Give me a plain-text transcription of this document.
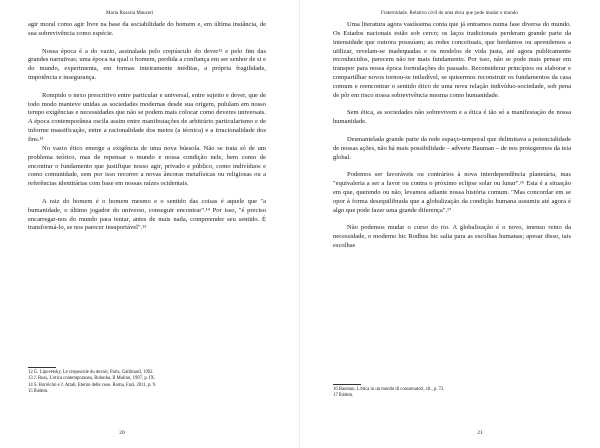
Maria Rosaria Mauceri

agir moral como agir livre na base da sociabilidade do homem e, em última instância, de sua sobrevivência como espécie.

Nossa época é a do vazio, assinalada pelo crepúsculo do dever¹² e pelo fim das grandes narrativas; uma época na qual o homem, perdida a confiança em ser senhor de si e do mundo, experimenta, em formas inteiramente inéditas, a própria fragilidade, impotência e insegurança.

Rompido o nexo prescritivo entre particular e universal, entre sujeito e dever, que de todo modo manteve unidas as sociedades modernas desde sua origem, pululam em nosso tempo exigências e necessidades que não se podem mais colocar como deveres universais. A época contemporânea oscila assim entre manifestações de arbitrário particularismo e de informe massificação, entre a racionalidade dos meios (a técnica) e a irracionalidade dos fins.¹³

No vazio ético emerge a exigência de uma nova bússola. Não se trata só de um problema teórico, mas de repensar o mundo e nossa condição nele, bem como de encontrar o fundamento que justifique nosso agir, privado e público, como indivíduos e como comunidade, sem por isso recorrer a novas âncoras metafísicas ou religiosas ou a referências identitárias com base em nossas raízes ocidentais.

A raiz do homem é o homem mesmo e o sentido das coisas é aquele que "a humanidade, o último jogador do universo, conseguir encontrar".¹⁴ Por isso, "é preciso encarregar-nos do mundo para tentar, antes de mais nada, compreender seu sentido. É transformá-lo, se nos parecer insuportável".¹⁵

12 G. Lipovetsky, Le crepuscule du devoir, Paris, Gallimard, 1992.
13 J. Russ, L'etica contemporanea, Bolonha, Il Mulino, 1997, p. IX.
14 S. Borrêcini e J. Attali, Eterno delle cose, Roma, Fazi, 2011, p. 9.
15 Ibidem.
20
Fraternidade. Relativo civil de uma ética que pode mudar o mundo

Uma literatura agora vastíssima conta que já entramos numa fase diversa do mundo. Os Estados nacionais estão sob cerco; os laços tradicionais perderam grande parte da intensidade que outrora possuíam; as redes conceituais, que herdamos ou aprendemos a utilizar, revelam-se inadequadas e os modelos de vida justa, até agora publicamente reconhecidos, parecem não ter mais fundamento. Por isso, não se pode mais pensar em transpor para nossa época formulações do passado. Reconsiderar princípios ou elaborar e compartilhar novos tornou-se iniludível, se quisermos reconstruir os fundamentos da casa comum e reencontrar o sentido ético de uma nova relação indivíduo-sociedade, sob pena de pôr em risco nossa sobrevivência mesma como humanidade.

Sem ética, as sociedades não sobrevivem e a ética é tão só a manifestação de nossa humanidade.

Desmantelada grande parte da rede espaço-temporal que delimitava a potencialidade de nossas ações, não há mais possibilidade – adverte Bauman – de nos protegermos da teia global.

Podemos ser favoráveis ou contrários à nova interdependência planetária, mas "equivaleria a ser a favor ou contra o próximo eclipse solar ou lunar".¹⁶ Esta é a situação em que, querendo ou não, levamos adiante nossa história comum. "Mas concordar em se opor à forma desequilibrada que a globalização da condição humana assumiu até agora é algo que pode fazer uma grande diferença".¹⁷

Não podemos mudar o curso do rio. A globalização é o novo, imenso reino da necessidade, o moderno hic Rodhus hic salta para as escolhas humanas; apesar disso, tais escolhas

16 Bauman, L'etica in un mondo di consumatori, cit., p. 72.
17 Ibidem.
21
